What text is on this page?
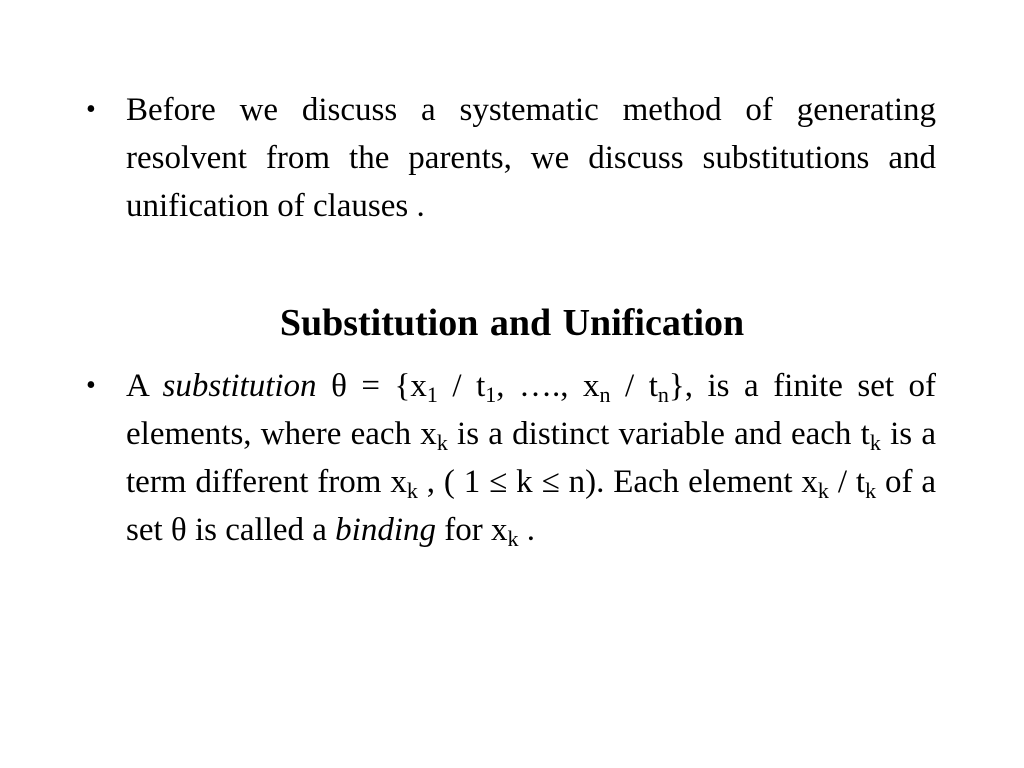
• Before we discuss a systematic method of generating resolvent from the parents, we discuss substitutions and unification of clauses .
Substitution and Unification
• A substitution $\theta = \{x_1 / t_1$, …., $x_n / t_n$}, is a finite set of elements, where each $x_k$ is a distinct variable and each $t_k$ is a term different from $x_k$ , ( 1 ≤ k ≤ n). Each element $x_k / t_k$ of a set θ is called a binding for $x_k$ .
